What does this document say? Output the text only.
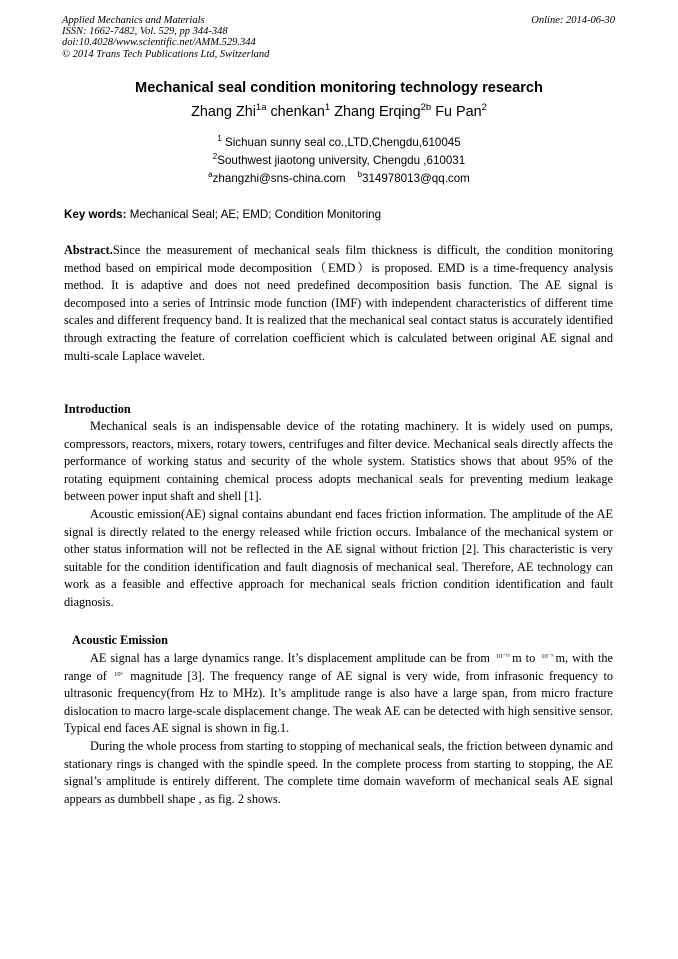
Applied Mechanics and Materials
ISSN: 1662-7482, Vol. 529, pp 344-348
doi:10.4028/www.scientific.net/AMM.529.344
© 2014 Trans Tech Publications Ltd, Switzerland
Online: 2014-06-30
Mechanical seal condition monitoring technology research
Zhang Zhi$^{1a}$ chenkan$^1$ Zhang Erqing$^{2b}$ Fu Pan$^2$
$^1$ Sichuan sunny seal co.,LTD,Chengdu,610045
$^2$Southwest jiaotong university, Chengdu ,610031
$^a$zhangzhi@sns-china.com $^b$314978013@qq.com
Key words: Mechanical Seal; AE; EMD; Condition Monitoring

Abstract.Since the measurement of mechanical seals film thickness is difficult, the condition monitoring method based on empirical mode decomposition（EMD）is proposed. EMD is a time-frequency analysis method. It is adaptive and does not need predefined decomposition basis function. The AE signal is decomposed into a series of Intrinsic mode function (IMF) with independent characteristics of different time scales and different frequency band. It is realized that the mechanical seal contact status is accurately identified through extracting the feature of correlation coefficient which is calculated between original AE signal and multi-scale Laplace wavelet.

Introduction

Mechanical seals is an indispensable device of the rotating machinery. It is widely used on pumps, compressors, reactors, mixers, rotary towers, centrifuges and filter device. Mechanical seals directly affects the performance of working status and security of the whole system. Statistics shows that about 95% of the rotating equipment containing chemical process adopts mechanical seals for preventing medium leakage between power input shaft and shell [1].

Acoustic emission(AE) signal contains abundant end faces friction information. The amplitude of the AE signal is directly related to the energy released while friction occurs. Imbalance of the mechanical system or other status information will not be reflected in the AE signal without friction [2]. This characteristic is very suitable for the condition identification and fault diagnosis of mechanical seal. Therefore, AE technology can work as a feasible and effective approach for mechanical seals friction condition identification and fault diagnosis.

Acoustic Emission

AE signal has a large dynamics range. It’s displacement amplitude can be from $^{10^{-15}}$ m to $^{10^{-9}}$ m, with the range of $^{10^6}$ magnitude [3]. The frequency range of AE signal is very wide, from infrasonic frequency to ultrasonic frequency(from Hz to MHz). It’s amplitude range is also have a large span, from micro fracture dislocation to macro large-scale displacement change. The weak AE can be detected with high sensitive sensor. Typical end faces AE signal is shown in fig.1.

During the whole process from starting to stopping of mechanical seals, the friction between dynamic and stationary rings is changed with the spindle speed. In the complete process from starting to stopping, the AE signal’s amplitude is entirely different. The complete time domain waveform of mechanical seals AE signal appears as dumbbell shape , as fig. 2 shows.
